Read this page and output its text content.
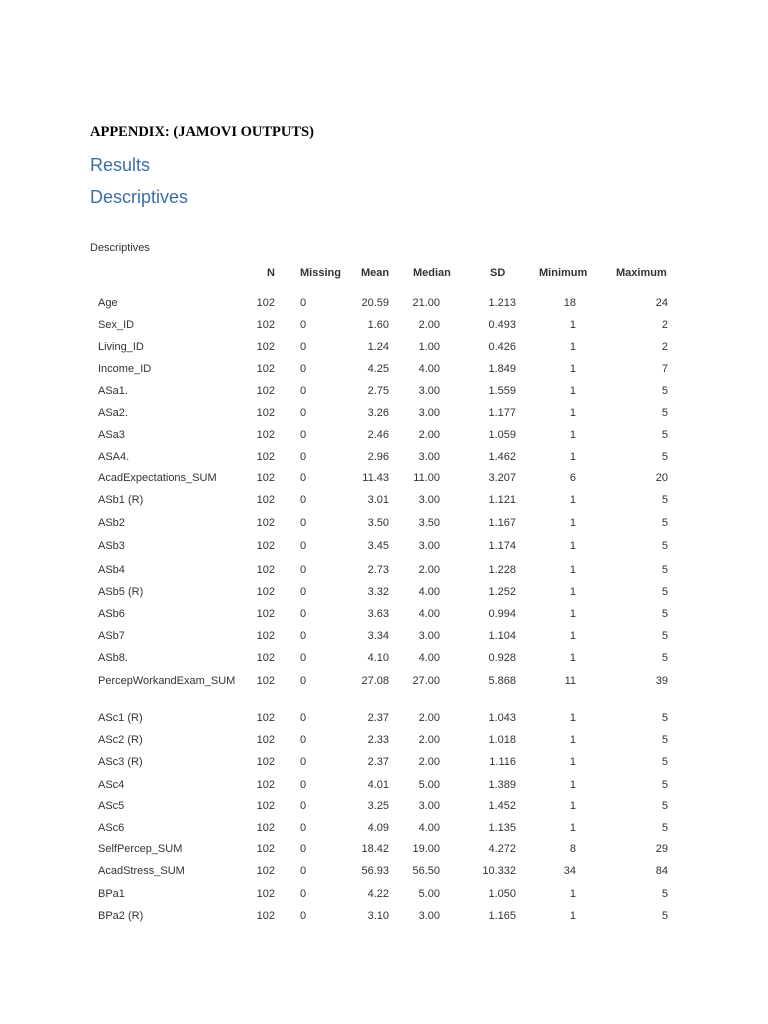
APPENDIX: (JAMOVI OUTPUTS)
Results
Descriptives
Descriptives
N Missing Mean Median	SD	Minimum	Maximum
Age	102 0	20.59	21.00	1.213	18	24
Sex_ID	102 0	1.60	2.00	0.493	1	2
Living_ID	102 0	1.24	1.00	0.426	1	2
Income_ID	102 0	4.25	4.00	1.849	1	7
ASa1.	102 0	2.75	3.00	1.559	1	5
ASa2.	102 0	3.26	3.00	1.177	1	5
ASa3	102 0	2.46	2.00	1.059	1	5
ASA4.	102 0	2.96	3.00	1.462	1	5
AcadExpectations_SUM	102 0	11.43	11.00	3.207	6	20
ASb1 (R)	102 0	3.01	3.00	1.121	1	5
ASb2	102 0	3.50	3.50	1.167	1	5
ASb3	102 0	3.45	3.00	1.174	1	5
ASb4	102 0	2.73	2.00	1.228	1	5
ASb5 (R)	102 0	3.32	4.00	1.252	1	5
ASb6	102 0	3.63	4.00	0.994	1	5
ASb7	102 0	3.34	3.00	1.104	1	5
ASb8.	102 0	4.10	4.00	0.928	1	5
PercepWorkandExam_SUM	102 0	27.08	27.00	5.868	11	39
ASc1 (R)	102 0	2.37	2.00	1.043	1	5
ASc2 (R)	102 0	2.33	2.00	1.018	1	5
ASc3 (R)	102 0	2.37	2.00	1.116	1	5
ASc4	102 0	4.01	5.00	1.389	1	5
ASc5	102 0	3.25	3.00	1.452	1	5
ASc6	102 0	4.09	4.00	1.135	1	5
SelfPercep_SUM	102 0	18.42	19.00	4.272	8	29
AcadStress_SUM	102 0	56.93	56.50	10.332	34	84
BPa1	102 0	4.22	5.00	1.050	1	5
BPa2 (R)	102 0	3.10	3.00	1.165	1	5
